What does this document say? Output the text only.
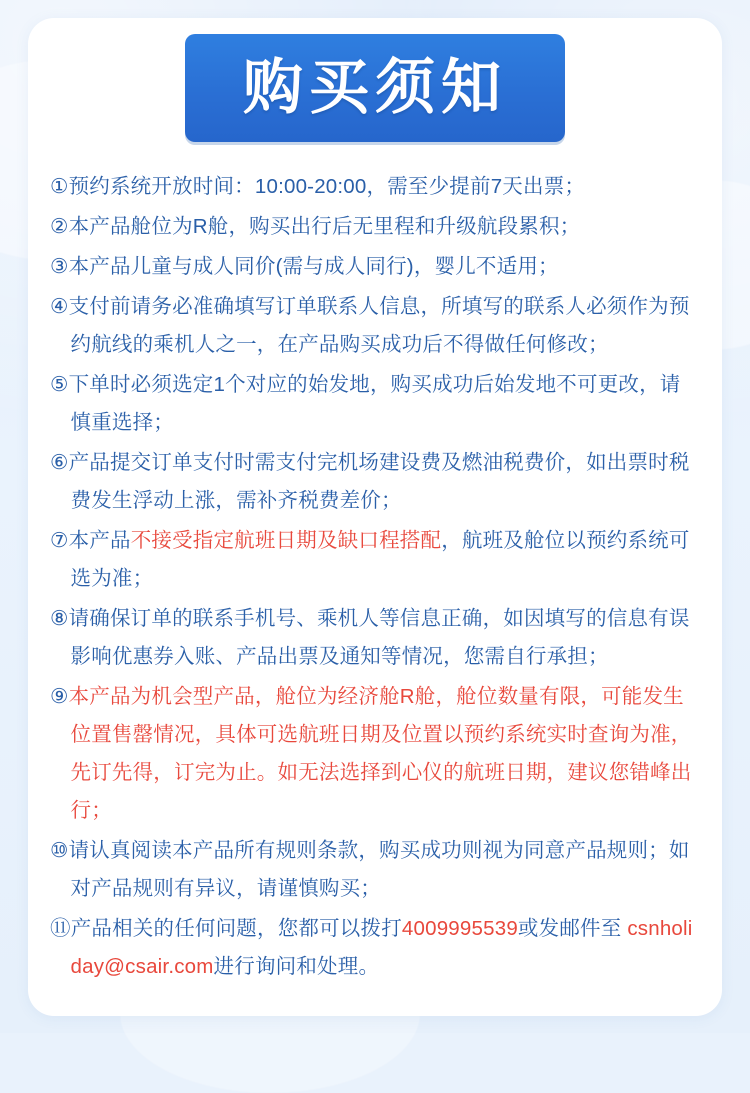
购买须知

①预约系统开放时间：10:00-20:00，需至少提前7天出票；

②本产品舱位为R舱，购买出行后无里程和升级航段累积；

③本产品儿童与成人同价(需与成人同行)，婴儿不适用；

④支付前请务必准确填写订单联系人信息，所填写的联系人必须作为预约航线的乘机人之一，在产品购买成功后不得做任何修改；

⑤下单时必须选定1个对应的始发地，购买成功后始发地不可更改，请慎重选择；

⑥产品提交订单支付时需支付完机场建设费及燃油税费价，如出票时税费发生浮动上涨，需补齐税费差价；

⑦本产品不接受指定航班日期及缺口程搭配，航班及舱位以预约系统可选为准；

⑧请确保订单的联系手机号、乘机人等信息正确，如因填写的信息有误影响优惠券入账、产品出票及通知等情况，您需自行承担；

⑨本产品为机会型产品，舱位为经济舱R舱，舱位数量有限，可能发生位置售罄情况，具体可选航班日期及位置以预约系统实时查询为准，先订先得，订完为止。如无法选择到心仪的航班日期，建议您错峰出行；

⑩请认真阅读本产品所有规则条款，购买成功则视为同意产品规则；如对产品规则有异议，请谨慎购买；

⑪产品相关的任何问题，您都可以拨打4009995539或发邮件至 csnholiday@csair.com进行询问和处理。
